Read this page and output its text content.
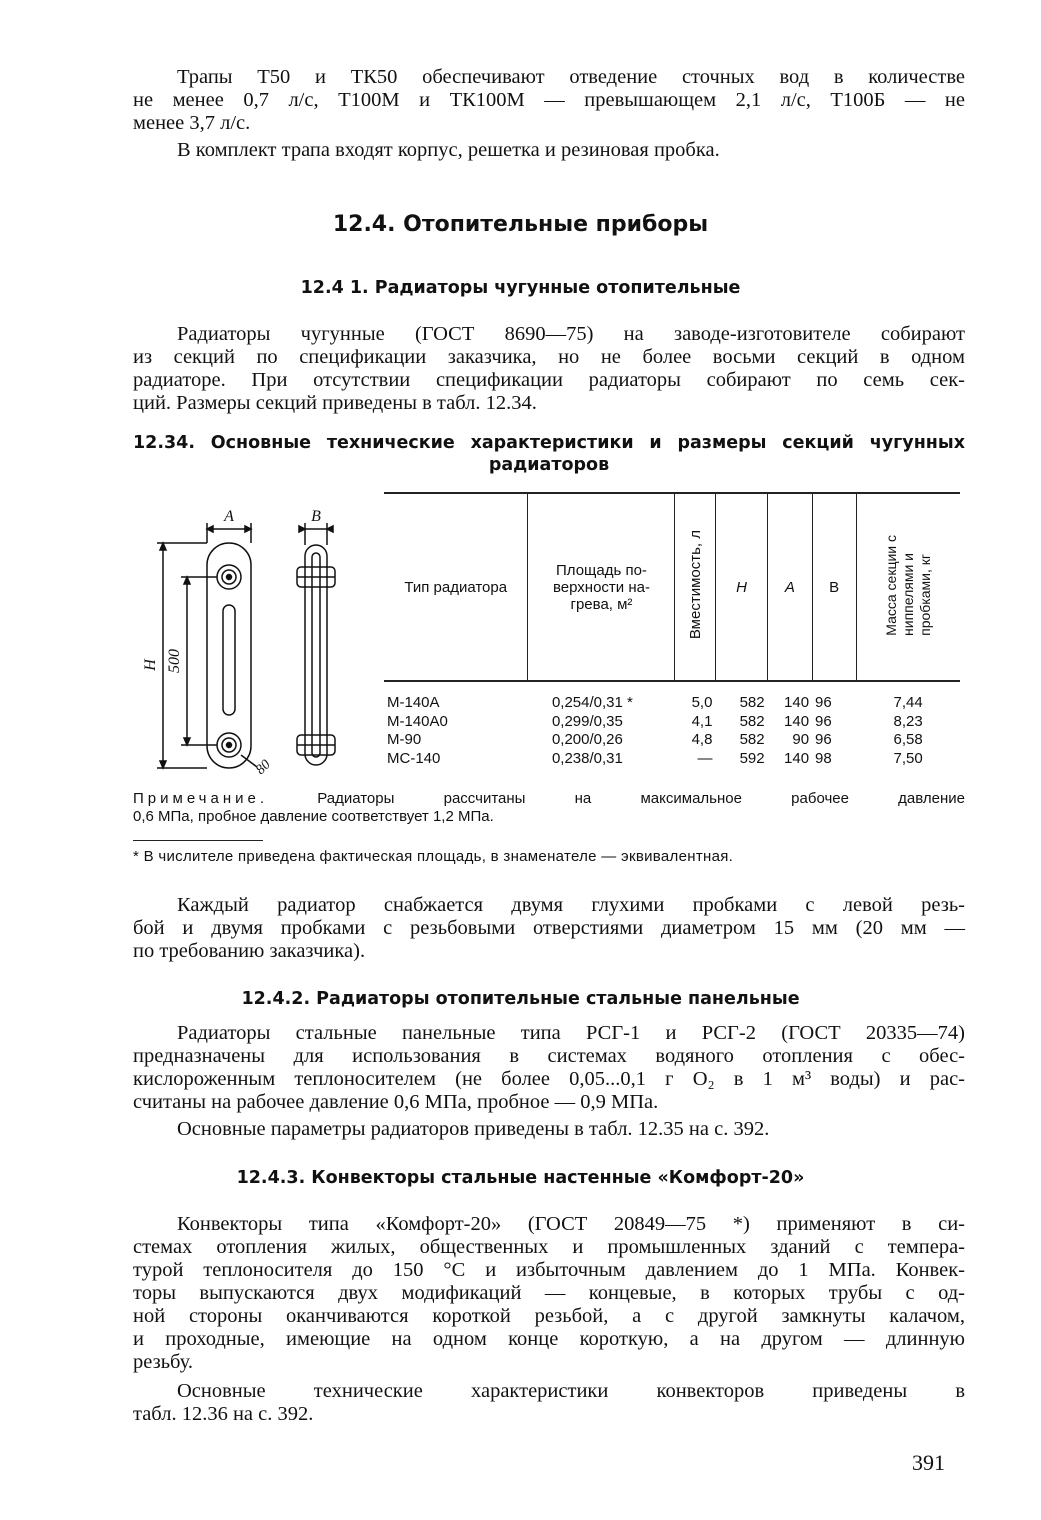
Трапы Т50 и ТК50 обеспечивают отведение сточных вод в количестве
не менее 0,7 л/с, Т100М и ТК100М — превышающем 2,1 л/с, Т100Б — не
менее 3,7 л/с.
В комплект трапа входят корпус, решетка и резиновая пробка.
12.4. Отопительные приборы
12.4 1. Радиаторы чугунные отопительные
Радиаторы чугунные (ГОСТ 8690—75) на заводе-изготовителе собирают
из секций по спецификации заказчика, но не более восьми секций в одном
радиаторе. При отсутствии спецификации радиаторы собирают по семь сек-
ций. Размеры секций приведены в табл. 12.34.
12.34. Основные технические характеристики и размеры секций чугунных
радиаторов
A	B
H 500
80
Тип радиатора	Площадь по-
верхности на-
грева, м²	Вместимость, л	H	A	B	Масса секции сниппелями ипробками, кг
М-140А	0,254/0,31 *	5,0	582	140	96	7,44
М-140А0	0,299/0,35	4,1	582	140	96	8,23
М-90	0,200/0,26	4,8	582	90	96	6,58
МС-140	0,238/0,31	—	592	140	98	7,50
Примечание.	Радиаторы рассчитаны на максимальное рабочее давление
0,6 МПа, пробное давление соответствует 1,2 МПа.
* В числителе приведена фактическая площадь, в знаменателе — эквивалентная.
Каждый радиатор снабжается двумя глухими пробками с левой резь-
бой и двумя пробками с резьбовыми отверстиями диаметром 15 мм (20 мм —
по требованию заказчика).
12.4.2. Радиаторы отопительные стальные панельные
Радиаторы стальные панельные типа РСГ-1 и РСГ-2 (ГОСТ 20335—74)
предназначены для использования в системах водяного отопления с обес-
кислороженным теплоносителем (не более 0,05...0,1 г O₂ в 1 м³ воды) и рас-
считаны на рабочее давление 0,6 МПа, пробное — 0,9 МПа.
Основные параметры радиаторов приведены в табл. 12.35 на с. 392.
12.4.3. Конвекторы стальные настенные «Комфорт-20»
Конвекторы типа «Комфорт-20» (ГОСТ 20849—75 *) применяют в си-
стемах отопления жилых, общественных и промышленных зданий с темпера-
турой теплоносителя до 150 °С и избыточным давлением до 1 МПа. Конвек-
торы выпускаются двух модификаций — концевые, в которых трубы с од-
ной стороны оканчиваются короткой резьбой, а с другой замкнуты калачом,
и проходные, имеющие на одном конце короткую, а на другом — длинную
резьбу.
Основные технические характеристики конвекторов приведены в
табл. 12.36 на с. 392.
391
